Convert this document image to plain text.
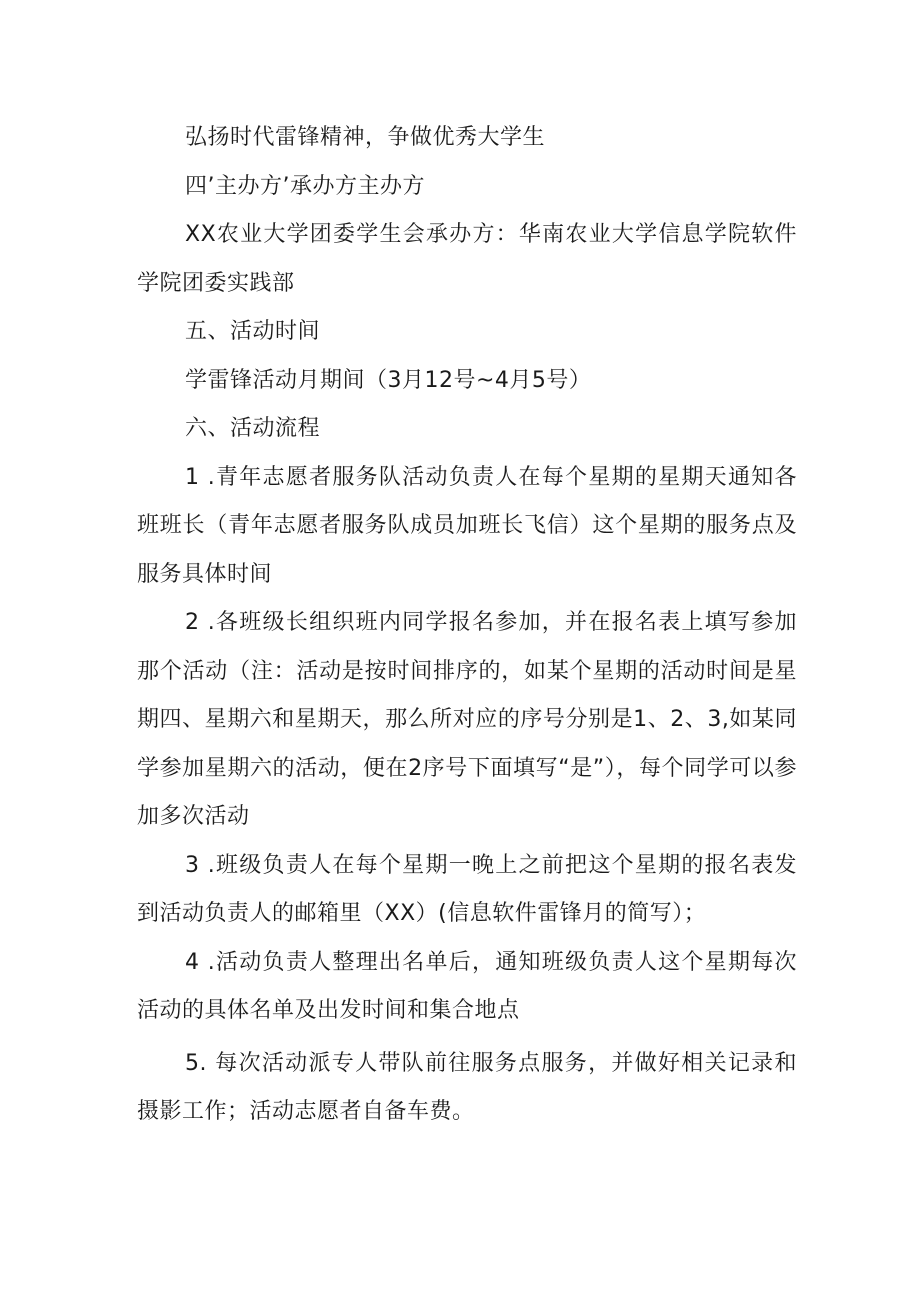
弘扬时代雷锋精神，争做优秀大学生

四’主办方’承办方主办方

XX农业大学团委学生会承办方：华南农业大学信息学院软件学院团委实践部

五、活动时间

学雷锋活动月期间（3月12号~4月5号）

六、活动流程

1 .青年志愿者服务队活动负责人在每个星期的星期天通知各班班长（青年志愿者服务队成员加班长飞信）这个星期的服务点及服务具体时间

2 .各班级长组织班内同学报名参加，并在报名表上填写参加那个活动（注：活动是按时间排序的，如某个星期的活动时间是星期四、星期六和星期天，那么所对应的序号分别是1、2、3,如某同学参加星期六的活动，便在2序号下面填写“是”），每个同学可以参加多次活动

3 .班级负责人在每个星期一晚上之前把这个星期的报名表发到活动负责人的邮箱里（XX）(信息软件雷锋月的简写）；

4 .活动负责人整理出名单后，通知班级负责人这个星期每次活动的具体名单及出发时间和集合地点

5. 每次活动派专人带队前往服务点服务，并做好相关记录和摄影工作；活动志愿者自备车费。
